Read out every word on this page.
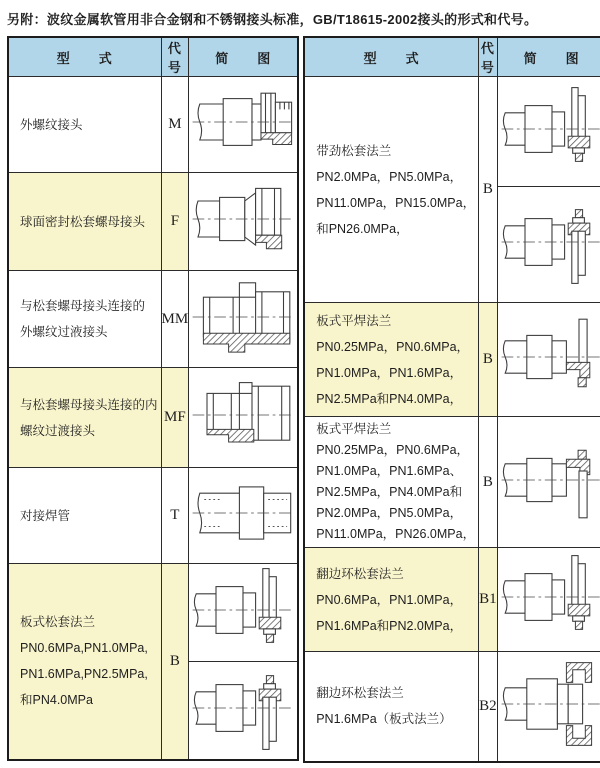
另附：波纹金属软管用非合金钢和不锈钢接头标准，GB/T18615-2002接头的形式和代号。
型　　式	代号	简　　图

外螺纹接头	M	

球面密封松套螺母接头	F	

与松套螺母接头连接的
外螺纹过液接头	MM	

与松套螺母接头连接的内
螺纹过渡接头	MF	

对接焊管	T	

板式松套法兰
PN0.6MPa,PN1.0MPa,
PN1.6MPa,PN2.5MPa,
和PN4.0MPa	B	

型　　式	代号	简　　图

带劲松套法兰
PN2.0MPa，PN5.0MPa，
PN11.0MPa，PN15.0MPa，
和PN26.0MPa，	B	

板式平焊法兰
PN0.25MPa，PN0.6MPa，
PN1.0MPa，PN1.6MPa，
PN2.5MPa和PN4.0MPa，	B	

板式平焊法兰
PN0.25MPa，PN0.6MPa，
PN1.0MPa，PN1.6MPa、
PN2.5MPa，PN4.0MPa和
PN2.0MPa，PN5.0MPa，
PN11.0MPa，PN26.0MPa，
	B	

翻边环松套法兰
PN0.6MPa，PN1.0MPa，
PN1.6MPa和PN2.0MPa，	B1	

翻边环松套法兰
PN1.6MPa（板式法兰）	B2	
